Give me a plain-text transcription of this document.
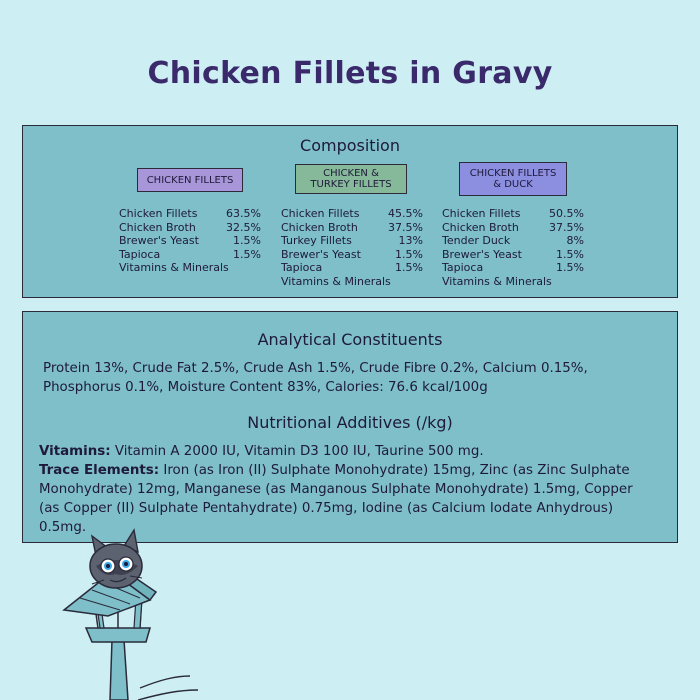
Chicken Fillets in Gravy
Composition
CHICKEN FILLETS
Chicken Fillets	63.5%
Chicken Broth	32.5%
Brewer's Yeast	1.5%
Tapioca	1.5%
Vitamins & Minerals
CHICKEN & TURKEY FILLETS
Chicken Fillets	45.5%
Chicken Broth	37.5%
Turkey Fillets	13%
Brewer's Yeast	1.5%
Tapioca	1.5%
Vitamins & Minerals
CHICKEN FILLETS & DUCK
Chicken Fillets	50.5%
Chicken Broth	37.5%
Tender Duck	8%
Brewer's Yeast	1.5%
Tapioca	1.5%
Vitamins & Minerals
Analytical Constituents
Protein 13%, Crude Fat 2.5%, Crude Ash 1.5%, Crude Fibre 0.2%, Calcium 0.15%, Phosphorus 0.1%, Moisture Content 83%, Calories: 76.6 kcal/100g
Nutritional Additives (/kg)
Vitamins: Vitamin A 2000 IU, Vitamin D3 100 IU, Taurine 500 mg.
Trace Elements: Iron (as Iron (II) Sulphate Monohydrate) 15mg, Zinc (as Zinc Sulphate Monohydrate) 12mg, Manganese (as Manganous Sulphate Monohydrate) 1.5mg, Copper (as Copper (II) Sulphate Pentahydrate) 0.75mg, Iodine (as Calcium Iodate Anhydrous) 0.5mg.
